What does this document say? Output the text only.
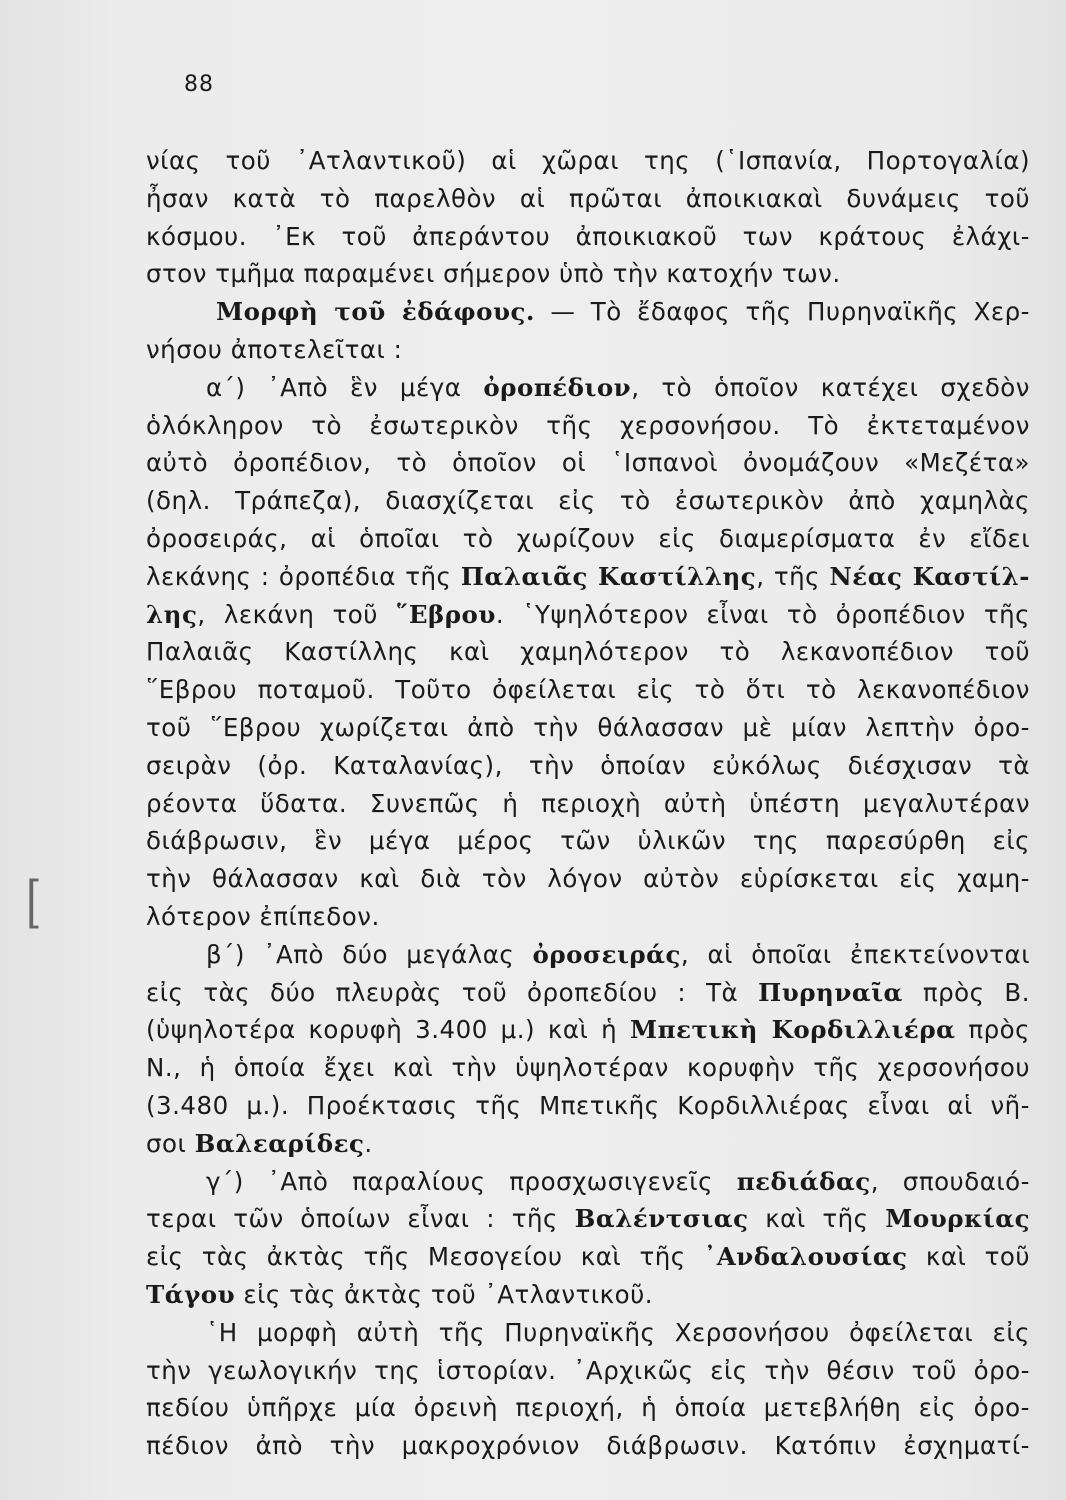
88
[
νίας τοῦ ᾽Ατλαντικοῦ) αἱ χῶραι της (῾Ισπανία, Πορτογαλία)
ἦσαν κατὰ τὸ παρελθὸν αἱ πρῶται ἀποικιακαὶ δυνάμεις τοῦ
κόσμου. ᾽Εκ τοῦ ἀπεράντου ἀποικιακοῦ των κράτους ἐλάχι-
στον τμῆμα παραμένει σήμερον ὑπὸ τὴν κατοχήν των.
Μορφὴ τοῦ ἐδάφους. — Τὸ ἔδαφος τῆς Πυρηναϊκῆς Χερ-
νήσου ἀποτελεῖται :
α΄) ᾽Απὸ ἓν μέγα ὀροπέδιον, τὸ ὁποῖον κατέχει σχεδὸν
ὁλόκληρον τὸ ἐσωτερικὸν τῆς χερσονήσου. Τὸ ἐκτεταμένον
αὐτὸ ὀροπέδιον, τὸ ὁποῖον οἱ ῾Ισπανοὶ ὀνομάζουν «Μεζέτα»
(δηλ. Τράπεζα), διασχίζεται εἰς τὸ ἐσωτερικὸν ἀπὸ χαμηλὰς
ὀροσειράς, αἱ ὁποῖαι τὸ χωρίζουν εἰς διαμερίσματα ἐν εἴδει
λεκάνης : ὀροπέδια τῆς Παλαιᾶς Καστίλλης, τῆς Νέας Καστίλ-
λης, λεκάνη τοῦ ῞Εβρου. ῾Υψηλότερον εἶναι τὸ ὀροπέδιον τῆς
Παλαιᾶς Καστίλλης καὶ χαμηλότερον τὸ λεκανοπέδιον τοῦ
῞Εβρου ποταμοῦ. Τοῦτο ὀφείλεται εἰς τὸ ὅτι τὸ λεκανοπέδιον
τοῦ ῞Εβρου χωρίζεται ἀπὸ τὴν θάλασσαν μὲ μίαν λεπτὴν ὀρο-
σειρὰν (ὀρ. Καταλανίας), τὴν ὁποίαν εὐκόλως διέσχισαν τὰ
ρέοντα ὕδατα. Συνεπῶς ἡ περιοχὴ αὐτὴ ὑπέστη μεγαλυτέραν
διάβρωσιν, ἓν μέγα μέρος τῶν ὑλικῶν της παρεσύρθη εἰς
τὴν θάλασσαν καὶ διὰ τὸν λόγον αὐτὸν εὑρίσκεται εἰς χαμη-
λότερον ἐπίπεδον.
β΄) ᾽Απὸ δύο μεγάλας ὀροσειράς, αἱ ὁποῖαι ἐπεκτείνονται
εἰς τὰς δύο πλευρὰς τοῦ ὀροπεδίου : Τὰ Πυρηναῖα πρὸς Β.
(ὑψηλοτέρα κορυφὴ 3.400 μ.) καὶ ἡ Μπετικὴ Κορδιλλιέρα πρὸς
Ν., ἡ ὁποία ἔχει καὶ τὴν ὑψηλοτέραν κορυφὴν τῆς χερσονήσου
(3.480 μ.). Προέκτασις τῆς Μπετικῆς Κορδιλλιέρας εἶναι αἱ νῆ-
σοι Βαλεαρίδες.
γ΄) ᾽Απὸ παραλίους προσχωσιγενεῖς πεδιάδας, σπουδαιό-
τεραι τῶν ὁποίων εἶναι : τῆς Βαλέντσιας καὶ τῆς Μουρκίας
εἰς τὰς ἀκτὰς τῆς Μεσογείου καὶ τῆς ᾽Ανδαλουσίας καὶ τοῦ
Τάγου εἰς τὰς ἀκτὰς τοῦ ᾽Ατλαντικοῦ.
῾Η μορφὴ αὐτὴ τῆς Πυρηναϊκῆς Χερσονήσου ὀφείλεται εἰς
τὴν γεωλογικήν της ἱστορίαν. ᾽Αρχικῶς εἰς τὴν θέσιν τοῦ ὀρο-
πεδίου ὑπῆρχε μία ὀρεινὴ περιοχή, ἡ ὁποία μετεβλήθη εἰς ὀρο-
πέδιον ἀπὸ τὴν μακροχρόνιον διάβρωσιν. Κατόπιν ἐσχηματί-
